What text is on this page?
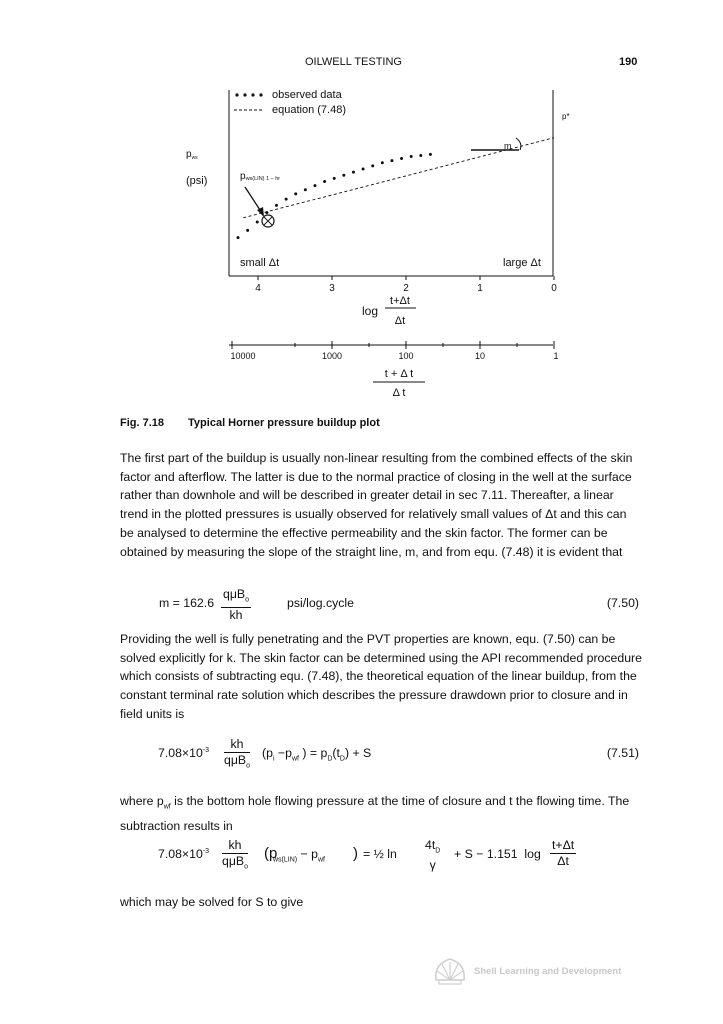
OILWELL TESTING	190
observed data
equation (7.48)
$p_{ws}$
(psi)	pws(LIN) 1 – hr
m
p*
small Δt	large Δt
4	3	2	1	0
log
t+Δt
Δt
10000	1000	100	10	1
t + Δ t
Δ t
Fig. 7.18 Typical Horner pressure buildup plot
The first part of the buildup is usually non-linear resulting from the combined effects of the skin factor and afterflow. The latter is due to the normal practice of closing in the well at the surface rather than downhole and will be described in greater detail in sec 7.11. Thereafter, a linear trend in the plotted pressures is usually observed for relatively small values of Δt and this can be analysed to determine the effective permeability and the skin factor. The former can be obtained by measuring the slope of the straight line, m, and from equ. (7.48) it is evident that
m = 162.6
qμB$_o$
kh
psi/log.cycle	(7.50)
Providing the well is fully penetrating and the PVT properties are known, equ. (7.50) can be solved explicitly for k. The skin factor can be determined using the API recommended procedure which consists of subtracting equ. (7.48), the theoretical equation of the linear buildup, from the constant terminal rate solution which describes the pressure drawdown prior to closure and in field units is
$7.08\times 10^{-3}$	kh
qμB$_o$
($p_i -p_{wf}$ ) = $p_D(t_D) + S$	(7.51)
where $p_{wf}$ is the bottom hole flowing pressure at the time of closure and t the flowing time. The subtraction results in
$7.08\times 10^{-3}$	kh
qμB$_o$
(p
$_{ws(LIN)} - p_{wf}$ ) = ½ ln
$4t_D$
γ
+ S − 1.151  $\log \frac{t+\Delta t}{\Delta t}$
which may be solved for S to give
Shell Learning and Development
